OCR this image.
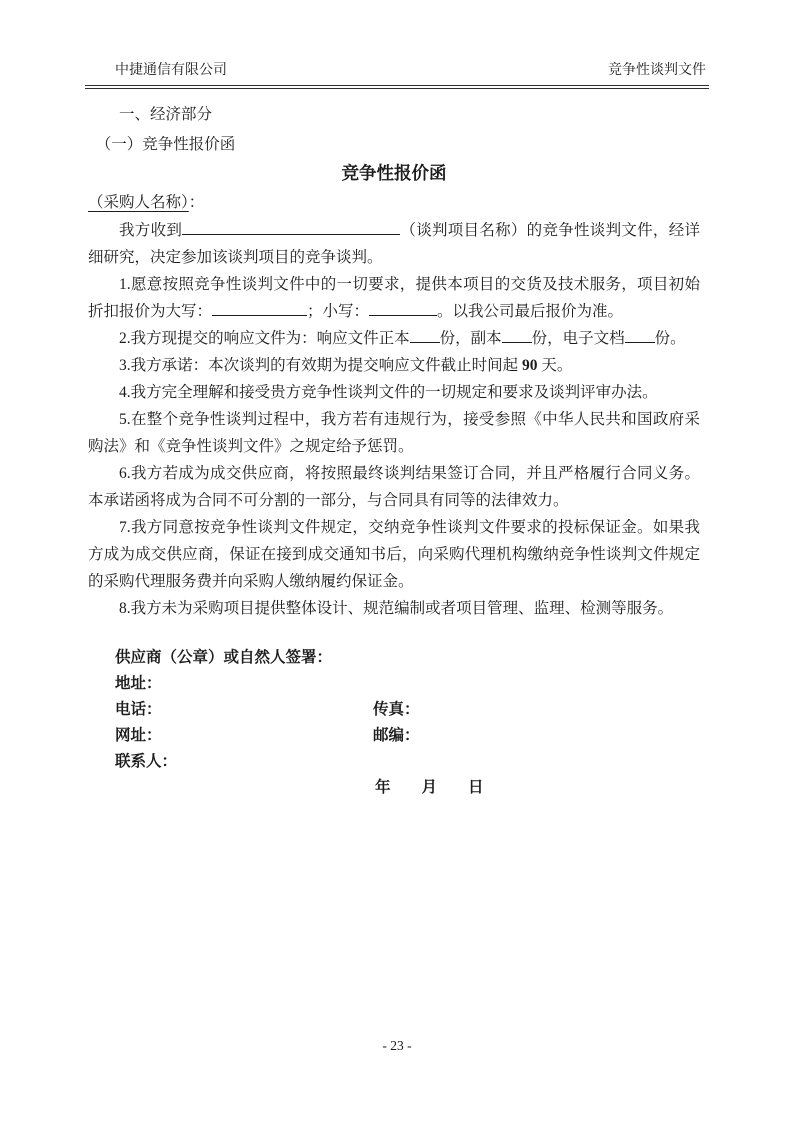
中捷通信有限公司	竞争性谈判文件

一、经济部分

（一）竞争性报价函

竞争性报价函

（采购人名称）：

我方收到	（谈判项目名称）的竞争性谈判文件，经详细研究，决定参加该谈判项目的竞争谈判。

1.愿意按照竞争性谈判文件中的一切要求，提供本项目的交货及技术服务，项目初始折扣报价为大写：	；小写：	。以我公司最后报价为准。

2.我方现提交的响应文件为：响应文件正本 份，副本 份，电子文档 份。

3.我方承诺：本次谈判的有效期为提交响应文件截止时间起 90 天。

4.我方完全理解和接受贵方竞争性谈判文件的一切规定和要求及谈判评审办法。

5.在整个竞争性谈判过程中，我方若有违规行为，接受参照《中华人民共和国政府采购法》和《竞争性谈判文件》之规定给予惩罚。

6.我方若成为成交供应商，将按照最终谈判结果签订合同，并且严格履行合同义务。本承诺函将成为合同不可分割的一部分，与合同具有同等的法律效力。

7.我方同意按竞争性谈判文件规定，交纳竞争性谈判文件要求的投标保证金。如果我方成为成交供应商，保证在接到成交通知书后，向采购代理机构缴纳竞争性谈判文件规定的采购代理服务费并向采购人缴纳履约保证金。

8.我方未为采购项目提供整体设计、规范编制或者项目管理、监理、检测等服务。

供应商（公章）或自然人签署：

地址：

电话：	传真：

网址：	邮编：

联系人：

年　　月　　日

- 23 -
